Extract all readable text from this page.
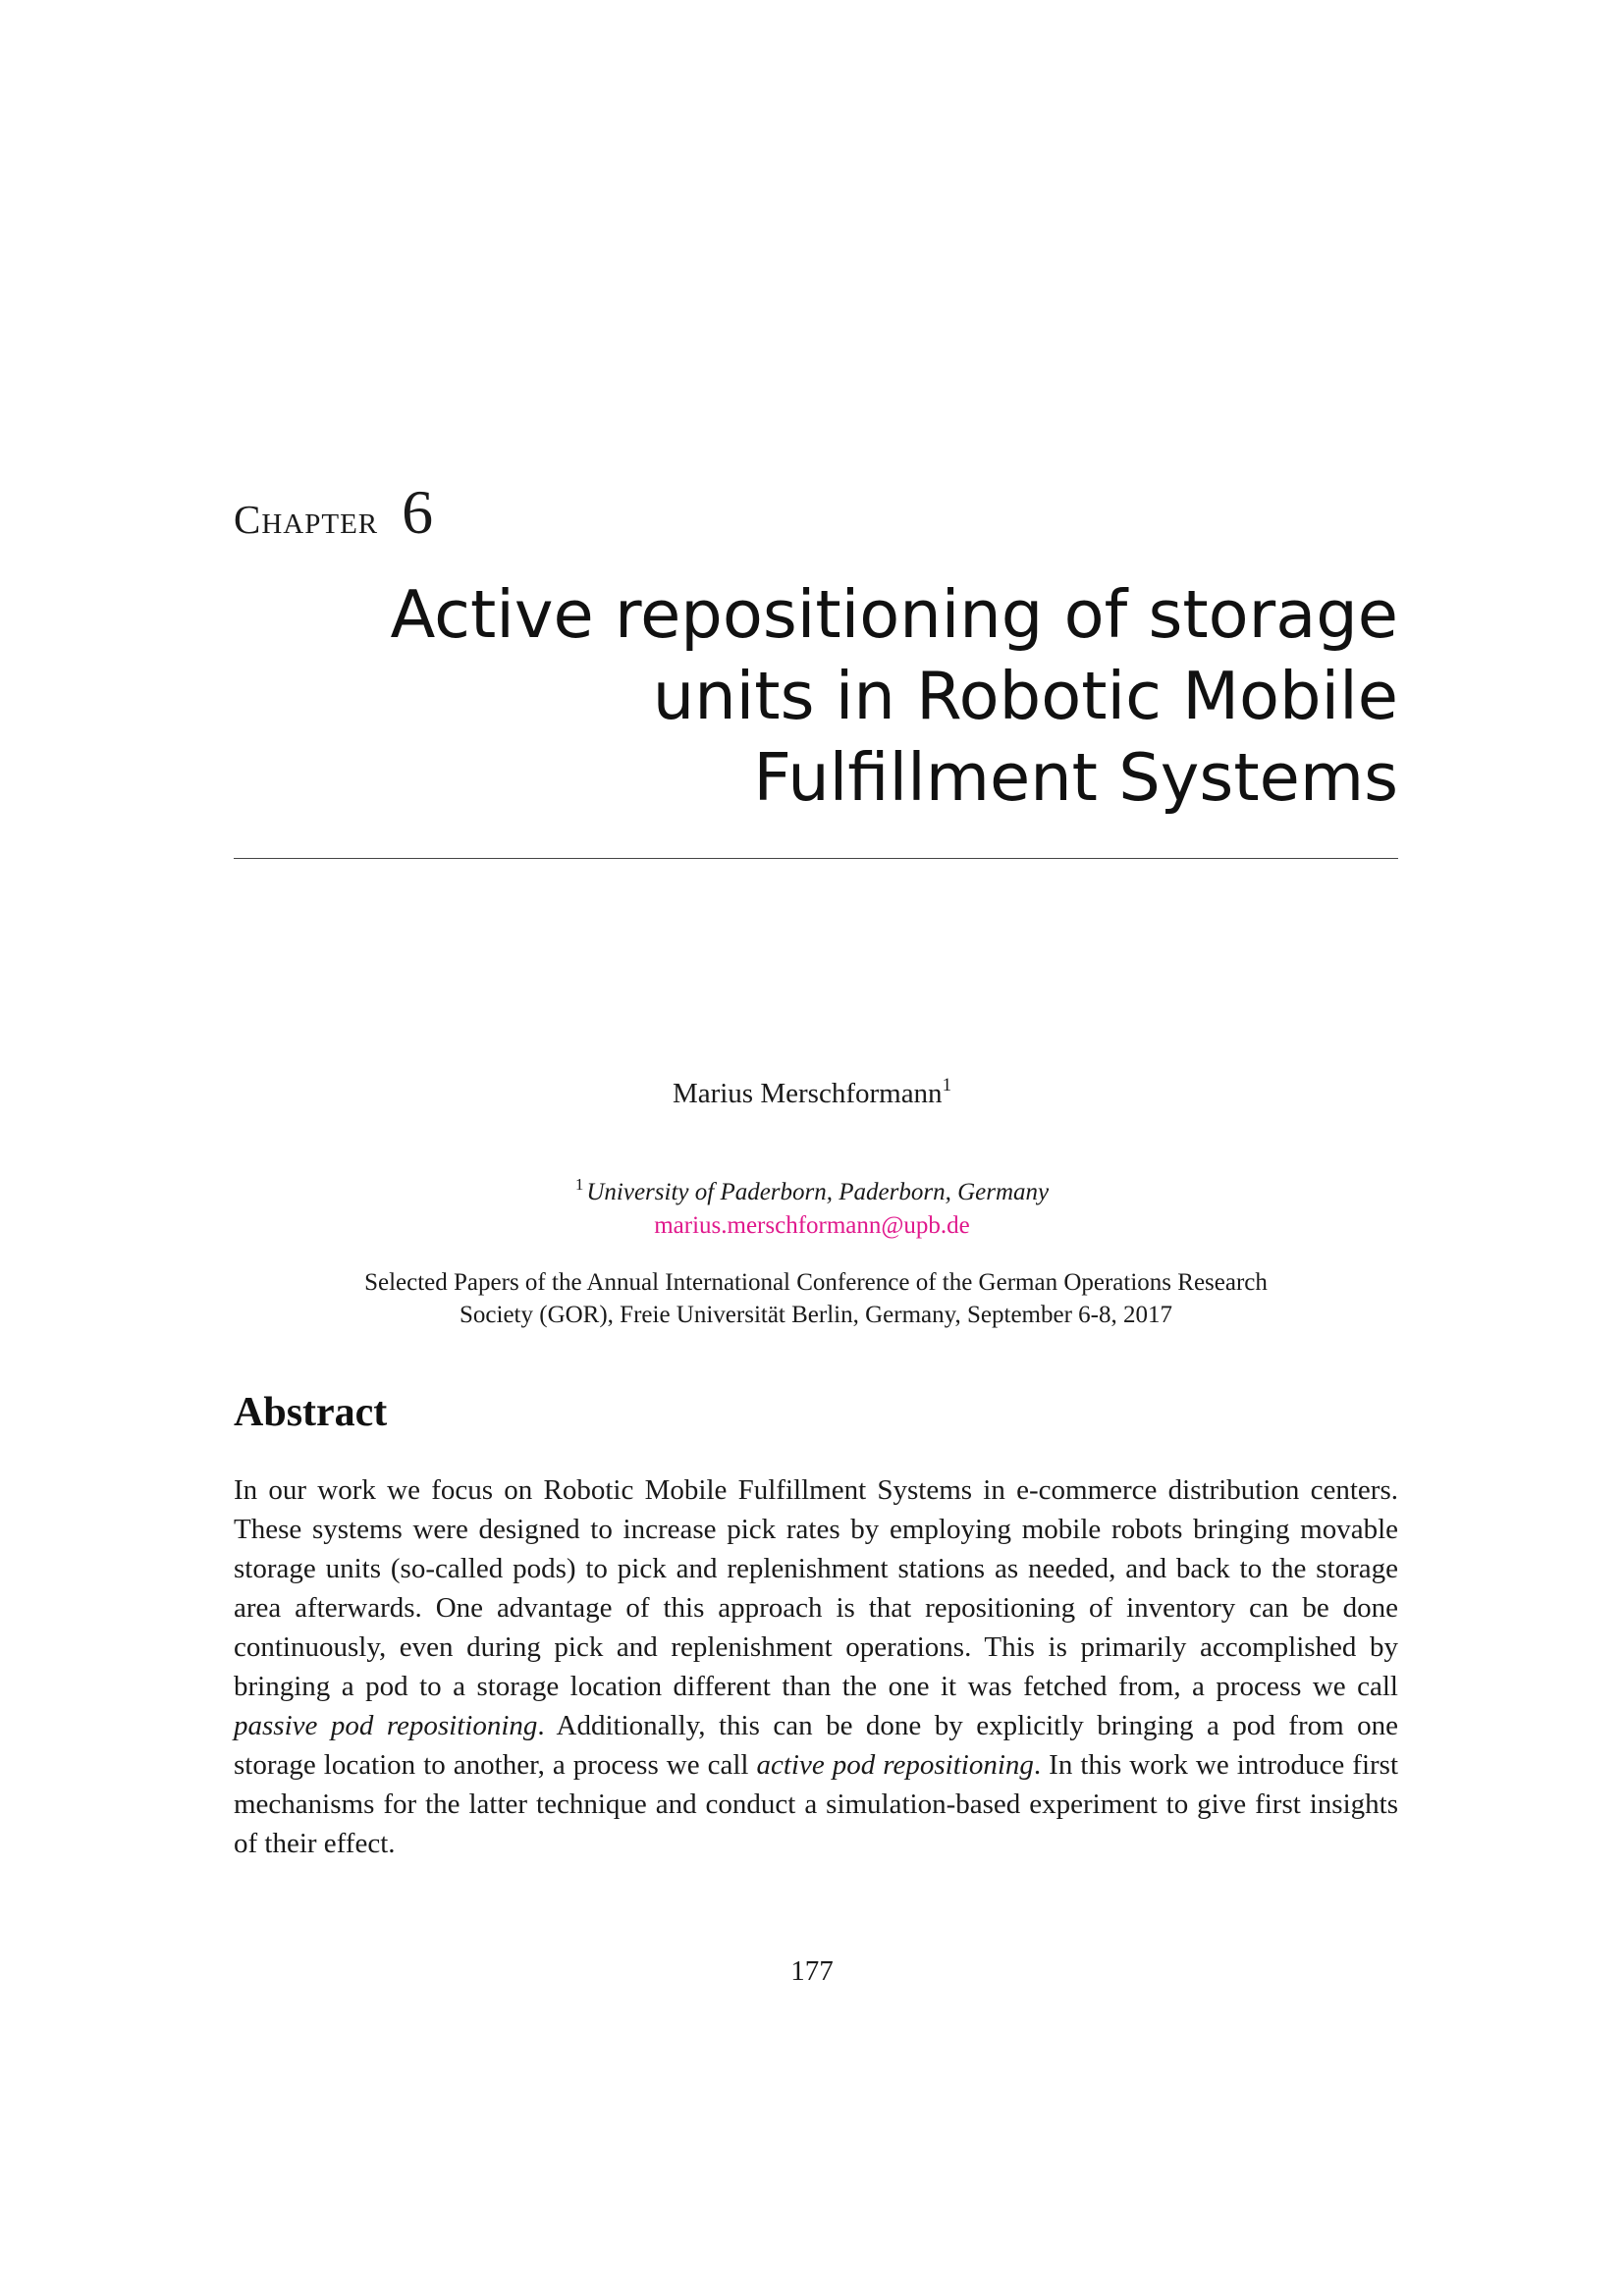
Chapter 6
Active repositioning of storage
units in Robotic Mobile
Fulfillment Systems
Marius Merschformann$^1$
$^1$ University of Paderborn, Paderborn, Germany
marius.merschformann@upb.de
Selected Papers of the Annual International Conference of the German Operations Research
Society (GOR), Freie Universität Berlin, Germany, September 6-8, 2017
Abstract

In our work we focus on Robotic Mobile Fulfillment Systems in e-commerce distribution centers. These systems were designed to increase pick rates by employing mobile robots bringing movable storage units (so-called pods) to pick and replenishment stations as needed, and back to the storage area afterwards. One advantage of this approach is that repositioning of inventory can be done continuously, even during pick and replenishment operations. This is primarily accomplished by bringing a pod to a storage location different than the one it was fetched from, a process we call passive pod repositioning. Additionally, this can be done by explicitly bringing a pod from one storage location to another, a process we call active pod repositioning. In this work we introduce first mechanisms for the latter technique and conduct a simulation-based experiment to give first insights of their effect.

177
